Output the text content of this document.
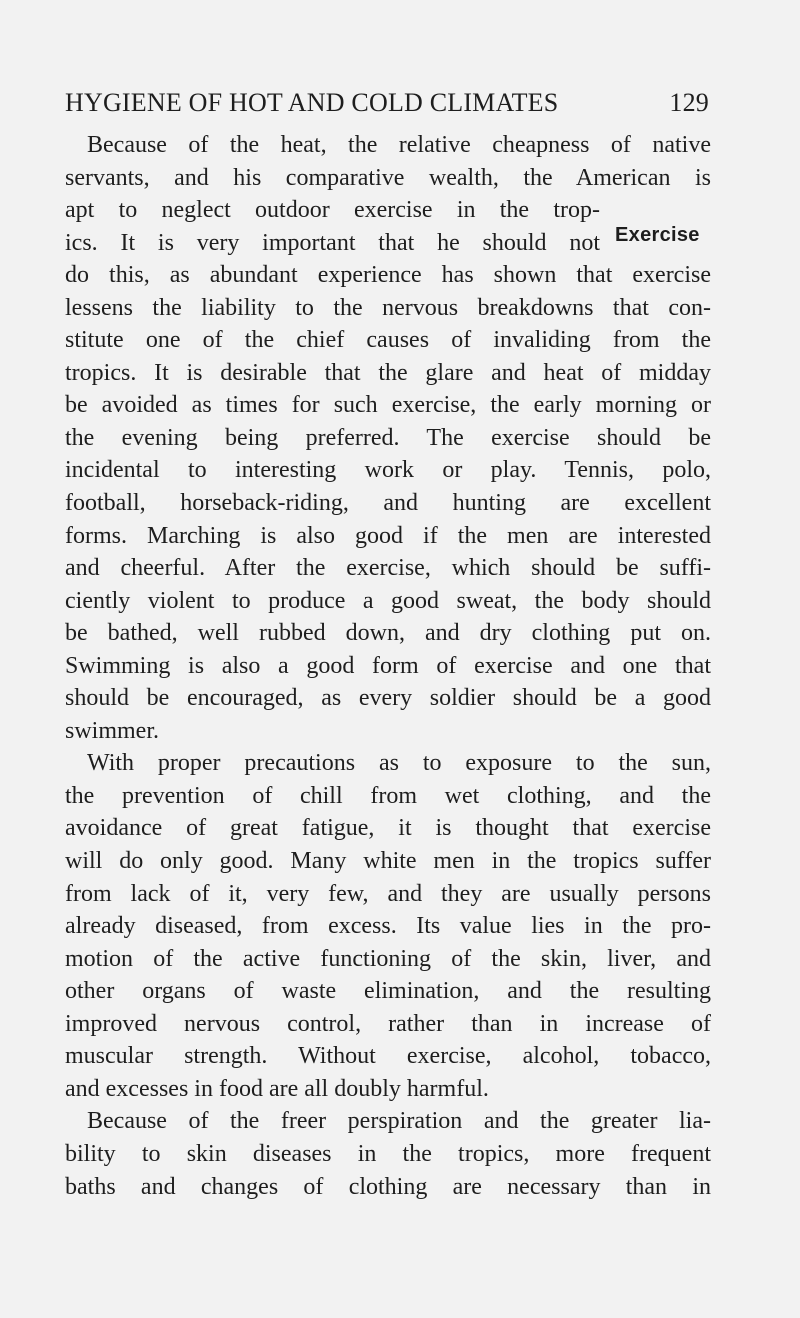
HYGIENE OF HOT AND COLD CLIMATES	129
Exercise
Because of the heat, the relative cheapness of native
servants, and his comparative wealth, the American is
apt to neglect outdoor exercise in the trop-
ics. It is very important that he should not
do this, as abundant experience has shown that exercise
lessens the liability to the nervous breakdowns that con-
stitute one of the chief causes of invaliding from the
tropics. It is desirable that the glare and heat of midday
be avoided as times for such exercise, the early morning or
the evening being preferred. The exercise should be
incidental to interesting work or play. Tennis, polo,
football, horseback-riding, and hunting are excellent
forms. Marching is also good if the men are interested
and cheerful. After the exercise, which should be suffi-
ciently violent to produce a good sweat, the body should
be bathed, well rubbed down, and dry clothing put on.
Swimming is also a good form of exercise and one that
should be encouraged, as every soldier should be a good
swimmer.
With proper precautions as to exposure to the sun,
the prevention of chill from wet clothing, and the
avoidance of great fatigue, it is thought that exercise
will do only good. Many white men in the tropics suffer
from lack of it, very few, and they are usually persons
already diseased, from excess. Its value lies in the pro-
motion of the active functioning of the skin, liver, and
other organs of waste elimination, and the resulting
improved nervous control, rather than in increase of
muscular strength. Without exercise, alcohol, tobacco,
and excesses in food are all doubly harmful.
Because of the freer perspiration and the greater lia-
bility to skin diseases in the tropics, more frequent
baths and changes of clothing are necessary than in
